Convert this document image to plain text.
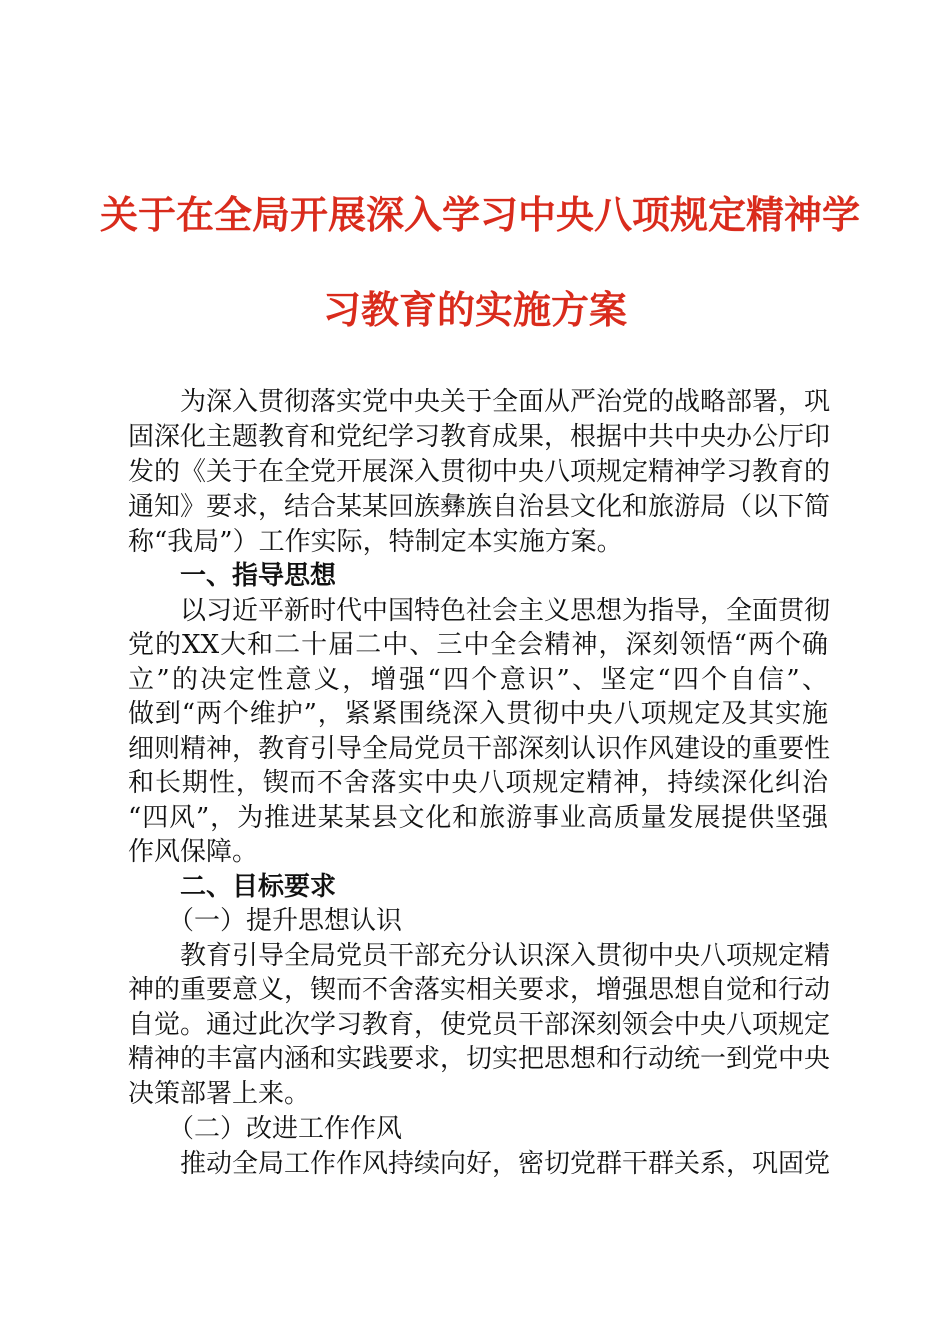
关于在全局开展深入学习中央八项规定精神学
习教育的实施方案
为深入贯彻落实党中央关于全面从严治党的战略部署，巩
固深化主题教育和党纪学习教育成果，根据中共中央办公厅印
发的《关于在全党开展深入贯彻中央八项规定精神学习教育的
通知》要求，结合某某回族彝族自治县文化和旅游局（以下简
称“我局”）工作实际，特制定本实施方案。
一、指导思想
以习近平新时代中国特色社会主义思想为指导，全面贯彻
党的XX大和二十届二中、三中全会精神，深刻领悟“两个确
立”的决定性意义，增强“四个意识”、坚定“四个自信”、
做到“两个维护”，紧紧围绕深入贯彻中央八项规定及其实施
细则精神，教育引导全局党员干部深刻认识作风建设的重要性
和长期性，锲而不舍落实中央八项规定精神，持续深化纠治
“四风”，为推进某某县文化和旅游事业高质量发展提供坚强
作风保障。
二、目标要求
（一）提升思想认识
教育引导全局党员干部充分认识深入贯彻中央八项规定精
神的重要意义，锲而不舍落实相关要求，增强思想自觉和行动
自觉。通过此次学习教育，使党员干部深刻领会中央八项规定
精神的丰富内涵和实践要求，切实把思想和行动统一到党中央
决策部署上来。
（二）改进工作作风
推动全局工作作风持续向好，密切党群干群关系，巩固党
